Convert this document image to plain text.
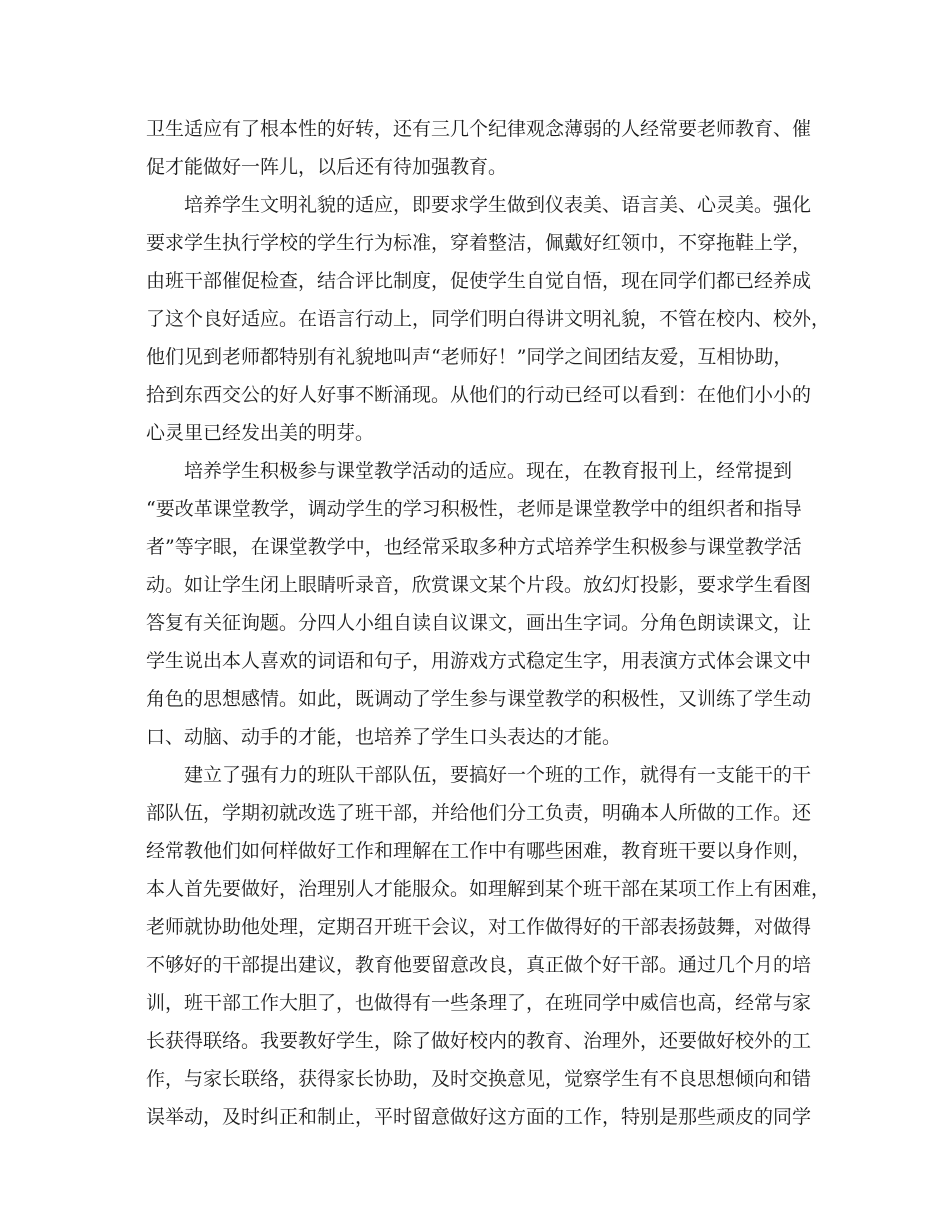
卫生适应有了根本性的好转，还有三几个纪律观念薄弱的人经常要老师教育、催
促才能做好一阵儿，以后还有待加强教育。
培养学生文明礼貌的适应，即要求学生做到仪表美、语言美、心灵美。强化
要求学生执行学校的学生行为标准，穿着整洁，佩戴好红领巾，不穿拖鞋上学，
由班干部催促检查，结合评比制度，促使学生自觉自悟，现在同学们都已经养成
了这个良好适应。在语言行动上，同学们明白得讲文明礼貌，不管在校内、校外，
他们见到老师都特别有礼貌地叫声“老师好！”同学之间团结友爱，互相协助，
拾到东西交公的好人好事不断涌现。从他们的行动已经可以看到：在他们小小的
心灵里已经发出美的明芽。
培养学生积极参与课堂教学活动的适应。现在，在教育报刊上，经常提到
“要改革课堂教学，调动学生的学习积极性，老师是课堂教学中的组织者和指导
者”等字眼，在课堂教学中，也经常采取多种方式培养学生积极参与课堂教学活
动。如让学生闭上眼睛听录音，欣赏课文某个片段。放幻灯投影，要求学生看图
答复有关征询题。分四人小组自读自议课文，画出生字词。分角色朗读课文，让
学生说出本人喜欢的词语和句子，用游戏方式稳定生字，用表演方式体会课文中
角色的思想感情。如此，既调动了学生参与课堂教学的积极性，又训练了学生动
口、动脑、动手的才能，也培养了学生口头表达的才能。
建立了强有力的班队干部队伍，要搞好一个班的工作，就得有一支能干的干
部队伍，学期初就改选了班干部，并给他们分工负责，明确本人所做的工作。还
经常教他们如何样做好工作和理解在工作中有哪些困难，教育班干要以身作则，
本人首先要做好，治理别人才能服众。如理解到某个班干部在某项工作上有困难，
老师就协助他处理，定期召开班干会议，对工作做得好的干部表扬鼓舞，对做得
不够好的干部提出建议，教育他要留意改良，真正做个好干部。通过几个月的培
训，班干部工作大胆了，也做得有一些条理了，在班同学中威信也高，经常与家
长获得联络。我要教好学生，除了做好校内的教育、治理外，还要做好校外的工
作，与家长联络，获得家长协助，及时交换意见，觉察学生有不良思想倾向和错
误举动，及时纠正和制止，平时留意做好这方面的工作，特别是那些顽皮的同学
